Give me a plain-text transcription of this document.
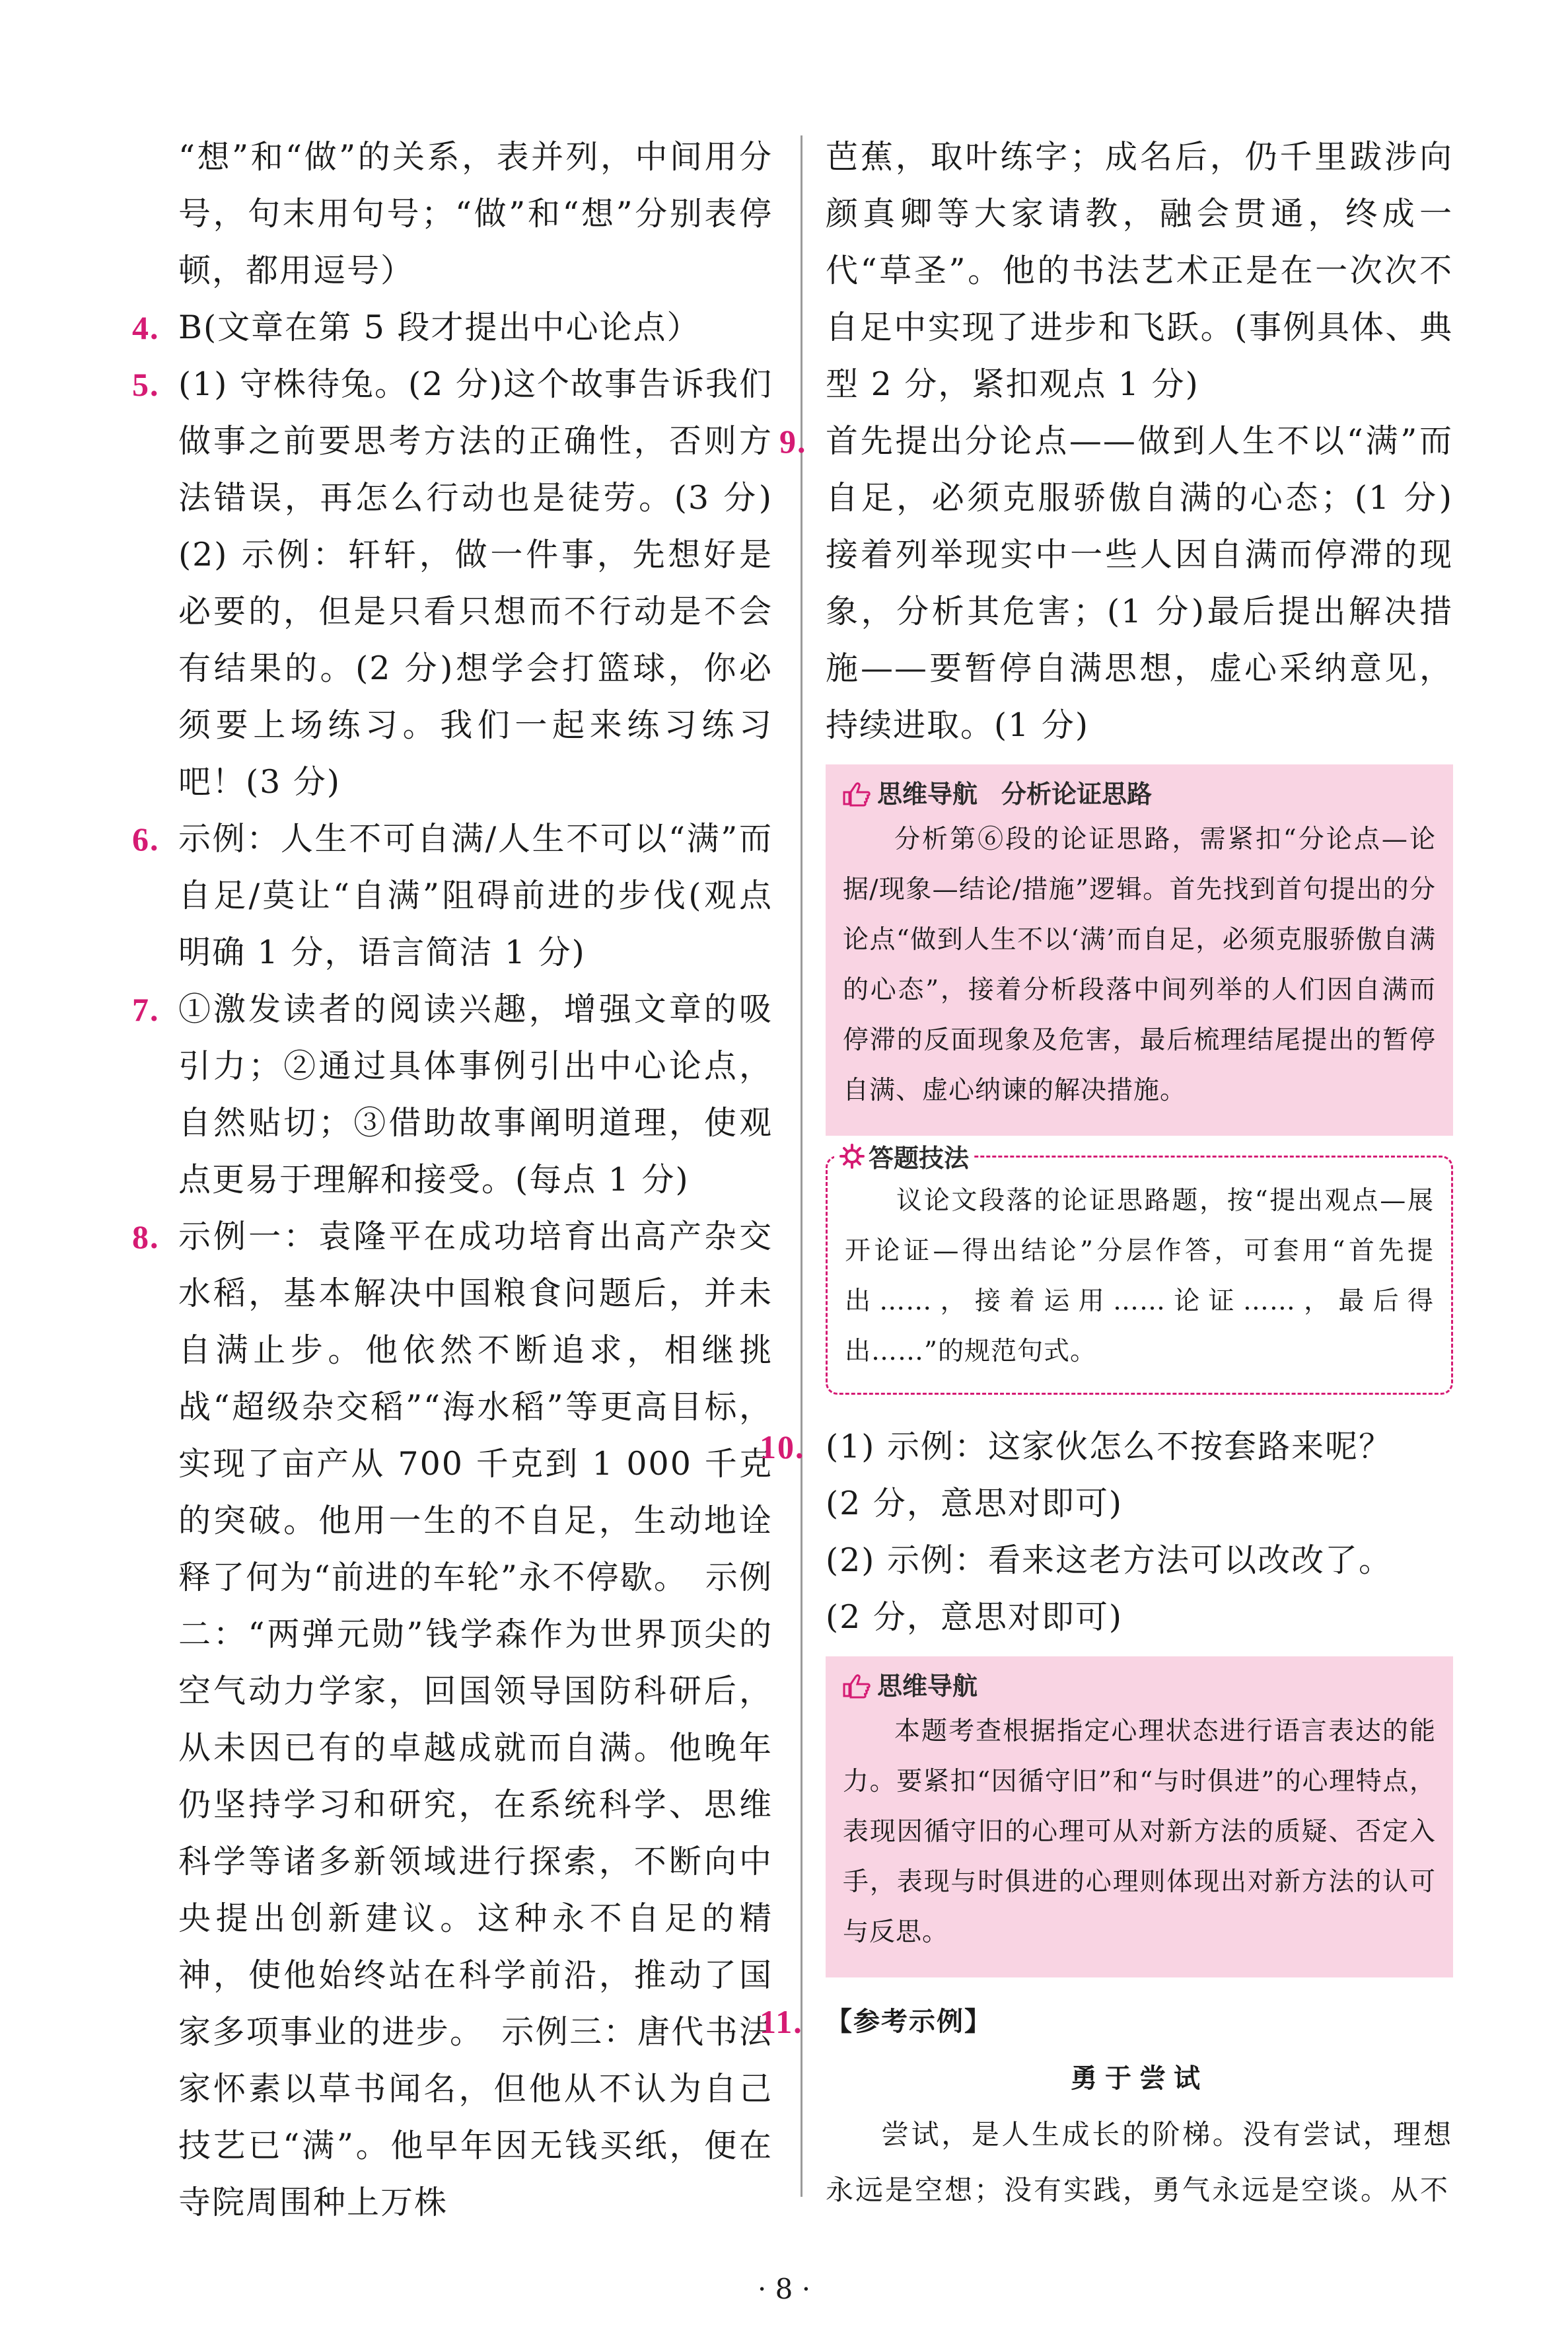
“想”和“做”的关系，表并列，中间用分号，句末用句号；“做”和“想”分别表停顿，都用逗号）

4. B(文章在第 5 段才提出中心论点）

5. (1) 守株待兔。(2 分)这个故事告诉我们做事之前要思考方法的正确性，否则方法错误，再怎么行动也是徒劳。(3 分)(2) 示例：轩轩，做一件事，先想好是必要的，但是只看只想而不行动是不会有结果的。(2 分)想学会打篮球，你必须要上场练习。我们一起来练习练习吧！(3 分)

6. 示例：人生不可自满/人生不可以“满”而自足/莫让“自满”阻碍前进的步伐(观点明确 1 分，语言简洁 1 分)

7. ①激发读者的阅读兴趣，增强文章的吸引力；②通过具体事例引出中心论点，自然贴切；③借助故事阐明道理，使观点更易于理解和接受。(每点 1 分)

8. 示例一：袁隆平在成功培育出高产杂交水稻，基本解决中国粮食问题后，并未自满止步。他依然不断追求，相继挑战“超级杂交稻”“海水稻”等更高目标，实现了亩产从 700 千克到 1 000 千克的突破。他用一生的不自足，生动地诠释了何为“前进的车轮”永不停歇。　示例二：“两弹元勋”钱学森作为世界顶尖的空气动力学家，回国领导国防科研后，从未因已有的卓越成就而自满。他晚年仍坚持学习和研究，在系统科学、思维科学等诸多新领域进行探索，不断向中央提出创新建议。这种永不自足的精神，使他始终站在科学前沿，推动了国家多项事业的进步。　示例三：唐代书法家怀素以草书闻名，但他从不认为自己技艺已“满”。他早年因无钱买纸，便在寺院周围种上万株

芭蕉，取叶练字；成名后，仍千里跋涉向颜真卿等大家请教，融会贯通，终成一代“草圣”。他的书法艺术正是在一次次不自足中实现了进步和飞跃。(事例具体、典型 2 分，紧扣观点 1 分)

9. 首先提出分论点——做到人生不以“满”而自足，必须克服骄傲自满的心态；(1 分)接着列举现实中一些人因自满而停滞的现象，分析其危害；(1 分)最后提出解决措施——要暂停自满思想，虚心采纳意见，持续进取。(1 分)

思维导航 分析论证思路
分析第⑥段的论证思路，需紧扣“分论点—论据/现象—结论/措施”逻辑。首先找到首句提出的分论点“做到人生不以‘满’而自足，必须克服骄傲自满的心态”，接着分析段落中间列举的人们因自满而停滞的反面现象及危害，最后梳理结尾提出的暂停自满、虚心纳谏的解决措施。
答题技法
议论文段落的论证思路题，按“提出观点—展开论证—得出结论”分层作答，可套用“首先提出……，接着运用……论证……，最后得出……”的规范句式。
10. (1) 示例：这家伙怎么不按套路来呢？

(2 分，意思对即可)

(2) 示例：看来这老方法可以改改了。

(2 分，意思对即可)

思维导航
本题考查根据指定心理状态进行语言表达的能力。要紧扣“因循守旧”和“与时俱进”的心理特点，表现因循守旧的心理可从对新方法的质疑、否定入手，表现与时俱进的心理则体现出对新方法的认可与反思。
11. 【参考示例】

勇于尝试
尝试，是人生成长的阶梯。没有尝试，理想永远是空想；没有实践，勇气永远是空谈。从不
· 8 ·
